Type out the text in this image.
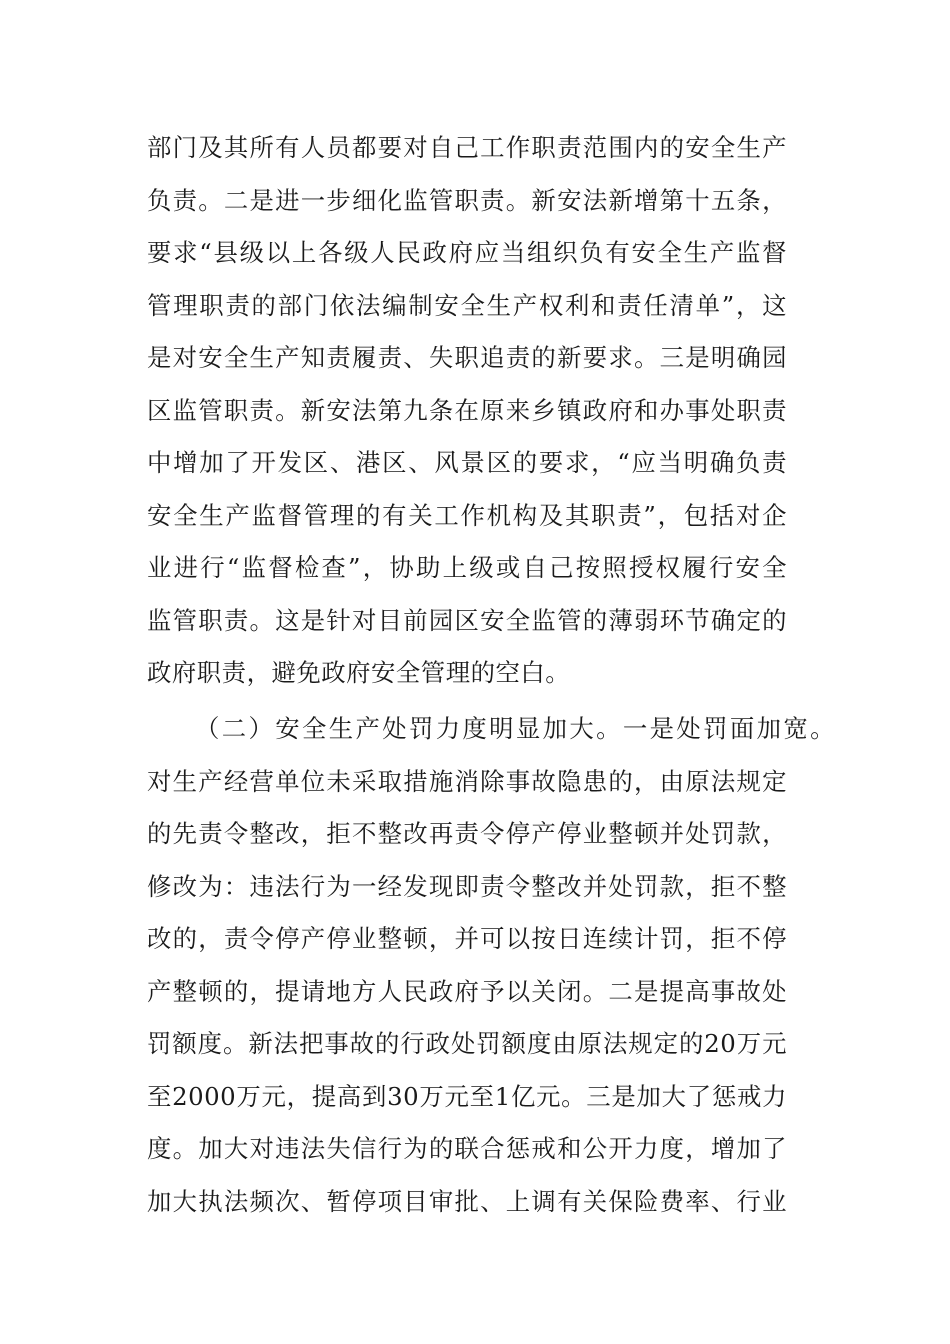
部门及其所有人员都要对自己工作职责范围内的安全生产
负责。二是进一步细化监管职责。新安法新增第十五条，
要求“县级以上各级人民政府应当组织负有安全生产监督
管理职责的部门依法编制安全生产权利和责任清单”，这
是对安全生产知责履责、失职追责的新要求。三是明确园
区监管职责。新安法第九条在原来乡镇政府和办事处职责
中增加了开发区、港区、风景区的要求，“应当明确负责
安全生产监督管理的有关工作机构及其职责”，包括对企
业进行“监督检查”，协助上级或自己按照授权履行安全
监管职责。这是针对目前园区安全监管的薄弱环节确定的
政府职责，避免政府安全管理的空白。
（二）安全生产处罚力度明显加大。一是处罚面加宽。
对生产经营单位未采取措施消除事故隐患的，由原法规定
的先责令整改，拒不整改再责令停产停业整顿并处罚款，
修改为：违法行为一经发现即责令整改并处罚款，拒不整
改的，责令停产停业整顿，并可以按日连续计罚，拒不停
产整顿的，提请地方人民政府予以关闭。二是提高事故处
罚额度。新法把事故的行政处罚额度由原法规定的20万元
至2000万元，提高到30万元至1亿元。三是加大了惩戒力
度。加大对违法失信行为的联合惩戒和公开力度，增加了
加大执法频次、暂停项目审批、上调有关保险费率、行业
